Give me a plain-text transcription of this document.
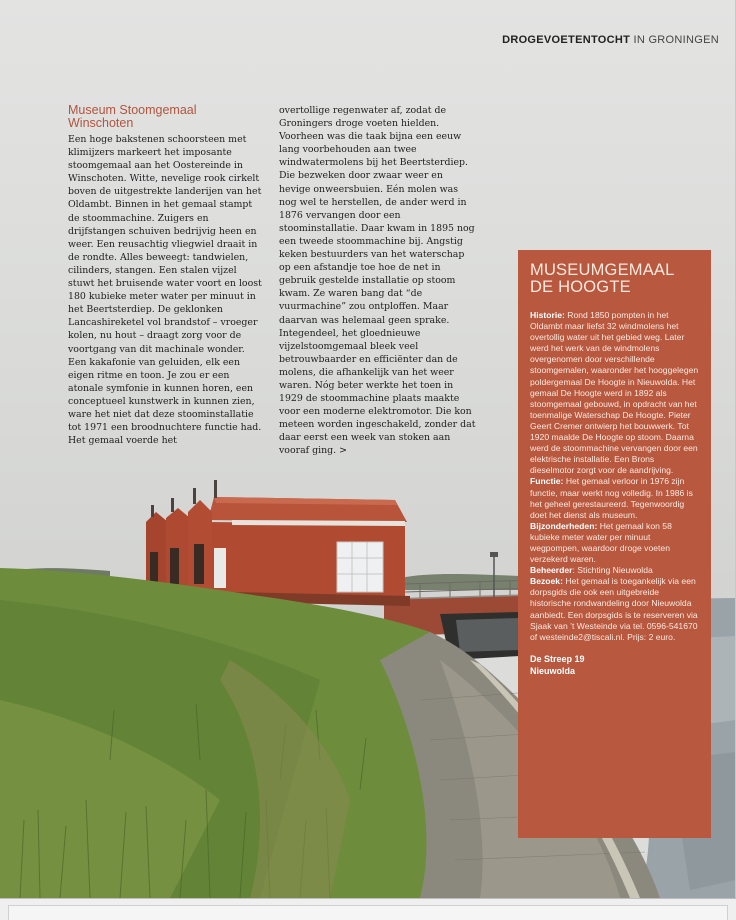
DROGEVOETENTOCHT IN GRONINGEN
Museum Stoomgemaal Winschoten

Een hoge bakstenen schoorsteen met klimijzers markeert het imposante stoomgemaal aan het Oostereinde in Winschoten. Witte, nevelige rook cirkelt boven de uitgestrekte landerijen van het Oldambt. Binnen in het gemaal stampt de stoommachine. Zuigers en drijfstangen schuiven bedrijvig heen en weer. Een reusachtig vliegwiel draait in de rondte. Alles beweegt: tandwielen, cilinders, stangen. Een stalen vijzel stuwt het bruisende water voort en loost 180 kubieke meter water per minuut in het Beertsterdiep. De geklonken Lancashireketel vol brandstof – vroeger kolen, nu hout – draagt zorg voor de voortgang van dit machinale wonder. Een kakafonie van geluiden, elk een eigen ritme en toon. Je zou er een atonale symfonie in kunnen horen, een conceptueel kunstwerk in kunnen zien, ware het niet dat deze stoominstallatie tot 1971 een broodnuchtere functie had. Het gemaal voerde het

overtollige regenwater af, zodat de Groningers droge voeten hielden. Voorheen was die taak bijna een eeuw lang voorbehouden aan twee windwatermolens bij het Beertsterdiep. Die bezweken door zwaar weer en hevige onweersbuien. Eén molen was nog wel te herstellen, de ander werd in 1876 vervangen door een stoominstallatie. Daar kwam in 1895 nog een tweede stoommachine bij. Angstig keken bestuurders van het waterschap op een afstandje toe hoe de net in gebruik gestelde installatie op stoom kwam. Ze waren bang dat “de vuurmachine” zou ontploffen. Maar daarvan was helemaal geen sprake. Integendeel, het gloednieuwe vijzelstoomgemaal bleek veel betrouwbaarder en efficiënter dan de molens, die afhankelijk van het weer waren. Nóg beter werkte het toen in 1929 de stoommachine plaats maakte voor een moderne elektromotor. Die kon meteen worden ingeschakeld, zonder dat daar eerst een week van stoken aan vooraf ging. >

MUSEUMGEMAAL DE HOOGTE
Historie: Rond 1850 pompten in het Oldambt maar liefst 32 windmolens het overtollig water uit het gebied weg. Later werd het werk van de windmolens overgenomen door verschillende stoomgemalen, waaronder het hooggelegen poldergemaal De Hoogte in Nieuwolda. Het gemaal De Hoogte werd in 1892 als stoomgemaal gebouwd, in opdracht van het toenmalige Waterschap De Hoogte. Pieter Geert Cremer ontwierp het bouwwerk. Tot 1920 maalde De Hoogte op stoom. Daarna werd de stoommachine vervangen door een elektrische installatie. Een Brons dieselmotor zorgt voor de aandrijving.
Functie: Het gemaal verloor in 1976 zijn functie, maar werkt nog volledig. In 1986 is het geheel gerestaureerd. Tegenwoordig doet het dienst als museum.
Bijzonderheden: Het gemaal kon 58 kubieke meter water per minuut wegpompen, waardoor droge voeten verzekerd waren.
Beheerder: Stichting Nieuwolda
Bezoek: Het gemaal is toegankelijk via een dorpsgids die ook een uitgebreide historische rondwandeling door Nieuwolda aanbiedt. Een dorpsgids is te reserveren via Sjaak van ’t Westeinde via tel. 0596-541670 of westeinde2@tiscali.nl. Prijs: 2 euro.
De Streep 19
Nieuwolda
